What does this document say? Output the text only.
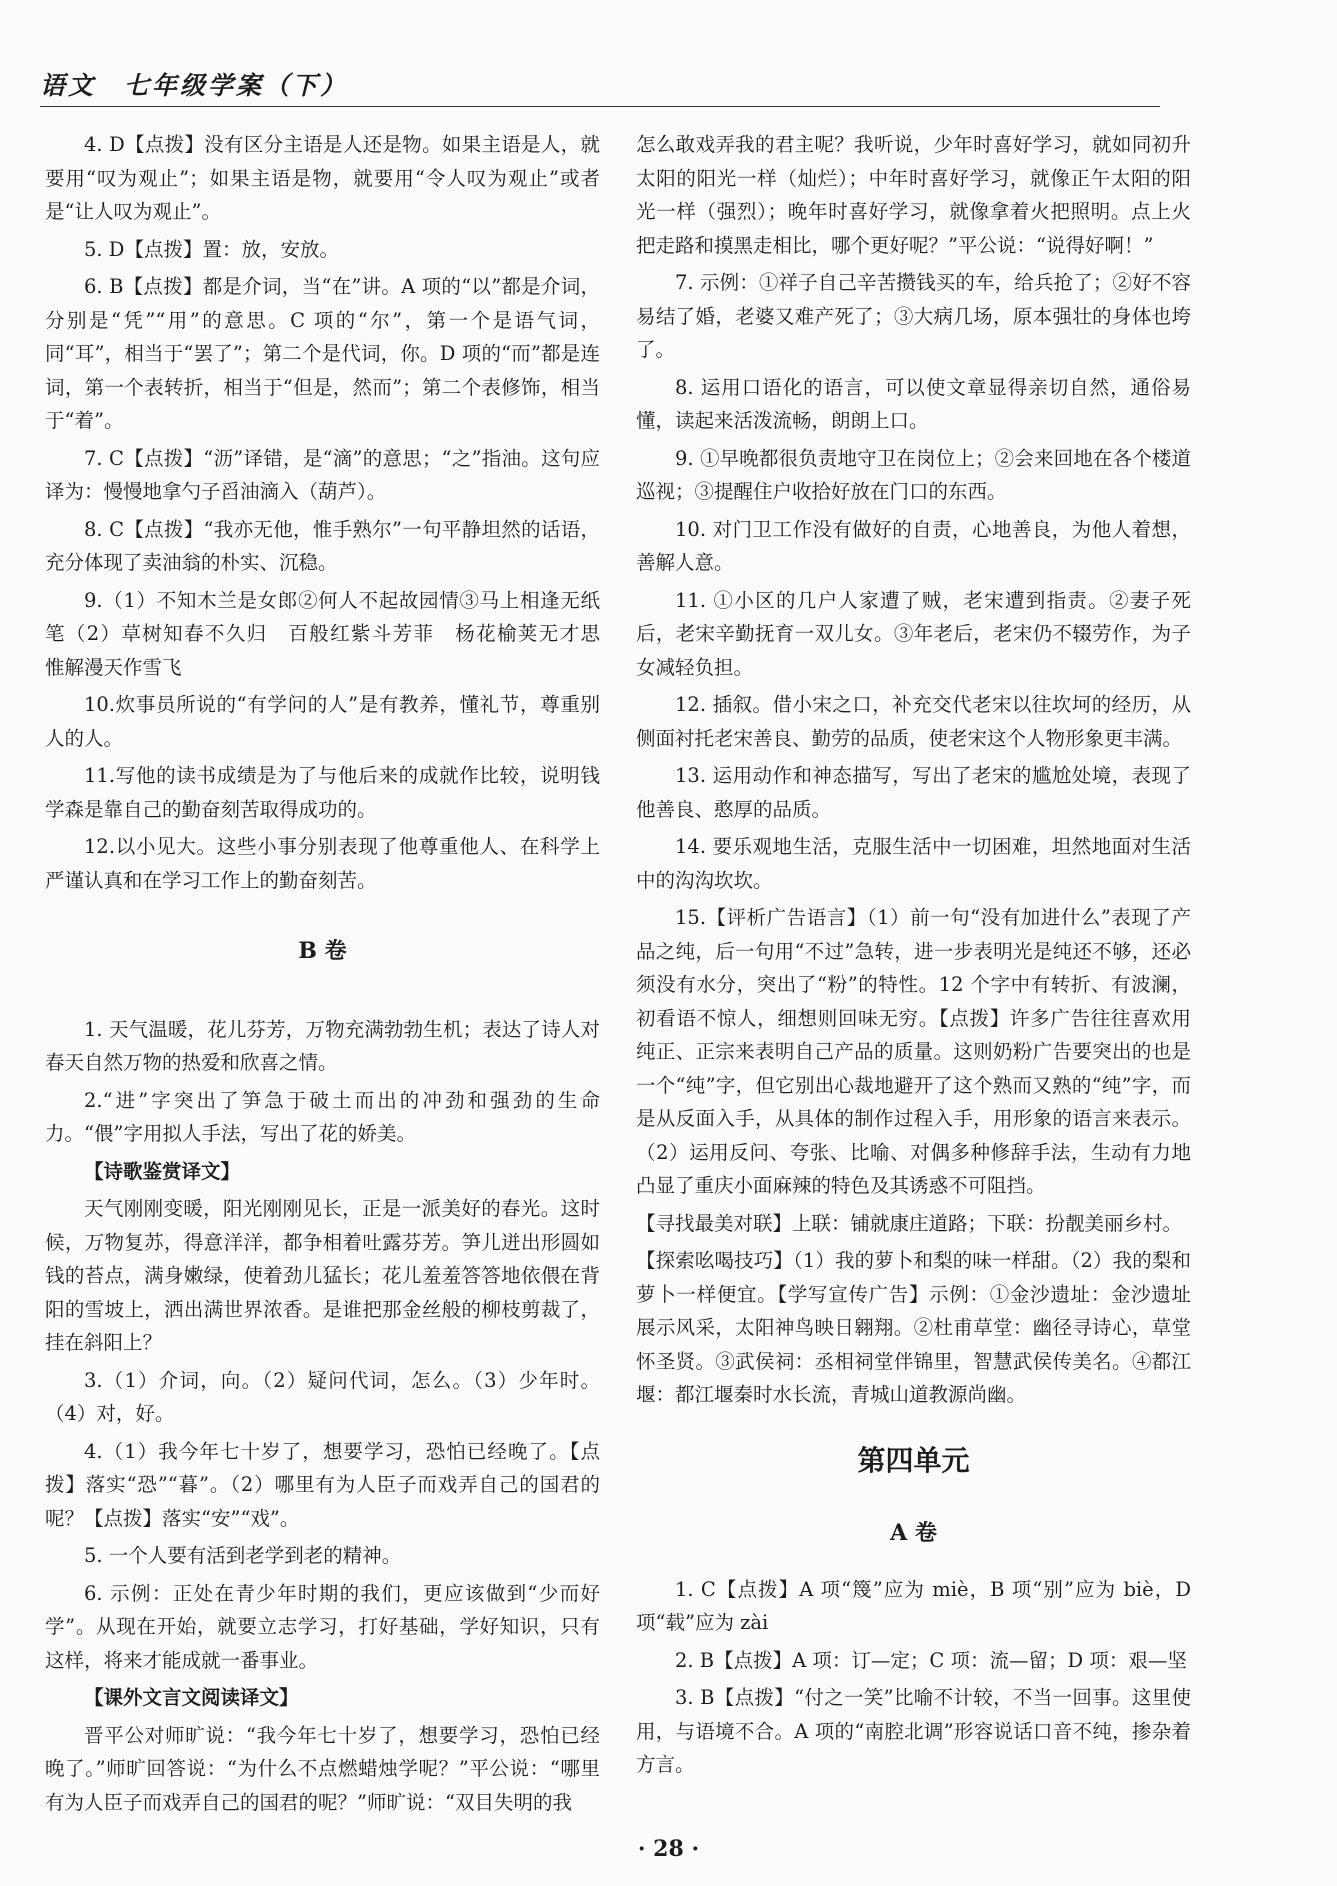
语文　七年级学案（下）

4. D【点拨】没有区分主语是人还是物。如果主语是人，就要用“叹为观止”；如果主语是物，就要用“令人叹为观止”或者是“让人叹为观止”。

5. D【点拨】置：放，安放。

6. B【点拨】都是介词，当“在”讲。A 项的“以”都是介词，分别是“凭”“用”的意思。C 项的“尔”，第一个是语气词，同“耳”，相当于“罢了”；第二个是代词，你。D 项的“而”都是连词，第一个表转折，相当于“但是，然而”；第二个表修饰，相当于“着”。

7. C【点拨】“沥”译错，是“滴”的意思；“之”指油。这句应译为：慢慢地拿勺子舀油滴入（葫芦）。

8. C【点拨】“我亦无他，惟手熟尔”一句平静坦然的话语，充分体现了卖油翁的朴实、沉稳。

9.（1）不知木兰是女郎②何人不起故园情③马上相逢无纸笔（2）草树知春不久归　百般红紫斗芳菲　杨花榆荚无才思　惟解漫天作雪飞

10.炊事员所说的“有学问的人”是有教养，懂礼节，尊重别人的人。

11.写他的读书成绩是为了与他后来的成就作比较，说明钱学森是靠自己的勤奋刻苦取得成功的。

12.以小见大。这些小事分别表现了他尊重他人、在科学上严谨认真和在学习工作上的勤奋刻苦。

B 卷

1. 天气温暖，花儿芬芳，万物充满勃勃生机；表达了诗人对春天自然万物的热爱和欣喜之情。

2.“进”字突出了笋急于破土而出的冲劲和强劲的生命力。“偎”字用拟人手法，写出了花的娇美。

【诗歌鉴赏译文】

天气刚刚变暖，阳光刚刚见长，正是一派美好的春光。这时候，万物复苏，得意洋洋，都争相着吐露芬芳。笋儿迸出形圆如钱的苔点，满身嫩绿，使着劲儿猛长；花儿羞羞答答地依偎在背阳的雪坡上，洒出满世界浓香。是谁把那金丝般的柳枝剪裁了，挂在斜阳上？

3.（1）介词，向。（2）疑问代词，怎么。（3）少年时。（4）对，好。

4.（1）我今年七十岁了，想要学习，恐怕已经晚了。【点拨】落实“恐”“暮”。（2）哪里有为人臣子而戏弄自己的国君的呢？【点拨】落实“安”“戏”。

5. 一个人要有活到老学到老的精神。

6. 示例：正处在青少年时期的我们，更应该做到“少而好学”。从现在开始，就要立志学习，打好基础，学好知识，只有这样，将来才能成就一番事业。

【课外文言文阅读译文】

晋平公对师旷说：“我今年七十岁了，想要学习，恐怕已经晚了。”师旷回答说：“为什么不点燃蜡烛学呢？”平公说：“哪里有为人臣子而戏弄自己的国君的呢？”师旷说：“双目失明的我

怎么敢戏弄我的君主呢？我听说，少年时喜好学习，就如同初升太阳的阳光一样（灿烂）；中年时喜好学习，就像正午太阳的阳光一样（强烈）；晚年时喜好学习，就像拿着火把照明。点上火把走路和摸黑走相比，哪个更好呢？”平公说：“说得好啊！”

7. 示例：①祥子自己辛苦攒钱买的车，给兵抢了；②好不容易结了婚，老婆又难产死了；③大病几场，原本强壮的身体也垮了。

8. 运用口语化的语言，可以使文章显得亲切自然，通俗易懂，读起来活泼流畅，朗朗上口。

9. ①早晚都很负责地守卫在岗位上；②会来回地在各个楼道巡视；③提醒住户收拾好放在门口的东西。

10. 对门卫工作没有做好的自责，心地善良，为他人着想，善解人意。

11. ①小区的几户人家遭了贼，老宋遭到指责。②妻子死后，老宋辛勤抚育一双儿女。③年老后，老宋仍不辍劳作，为子女减轻负担。

12. 插叙。借小宋之口，补充交代老宋以往坎坷的经历，从侧面衬托老宋善良、勤劳的品质，使老宋这个人物形象更丰满。

13. 运用动作和神态描写，写出了老宋的尴尬处境，表现了他善良、憨厚的品质。

14. 要乐观地生活，克服生活中一切困难，坦然地面对生活中的沟沟坎坎。

15.【评析广告语言】（1）前一句“没有加进什么”表现了产品之纯，后一句用“不过”急转，进一步表明光是纯还不够，还必须没有水分，突出了“粉”的特性。12 个字中有转折、有波澜，初看语不惊人，细想则回味无穷。【点拨】许多广告往往喜欢用纯正、正宗来表明自己产品的质量。这则奶粉广告要突出的也是一个“纯”字，但它别出心裁地避开了这个熟而又熟的“纯”字，而是从反面入手，从具体的制作过程入手，用形象的语言来表示。（2）运用反问、夸张、比喻、对偶多种修辞手法，生动有力地凸显了重庆小面麻辣的特色及其诱惑不可阻挡。

【寻找最美对联】上联：铺就康庄道路；下联：扮靓美丽乡村。

【探索吆喝技巧】（1）我的萝卜和梨的味一样甜。（2）我的梨和萝卜一样便宜。【学写宣传广告】示例：①金沙遗址：金沙遗址展示风采，太阳神鸟映日翱翔。②杜甫草堂：幽径寻诗心，草堂怀圣贤。③武侯祠：丞相祠堂伴锦里，智慧武侯传美名。④都江堰：都江堰秦时水长流，青城山道教源尚幽。

第四单元
A 卷

1. C【点拨】A 项“篾”应为 miè，B 项“别”应为 biè，D 项“载”应为 zài

2. B【点拨】A 项：订—定；C 项：流—留；D 项：艰—坚

3. B【点拨】“付之一笑”比喻不计较，不当一回事。这里使用，与语境不合。A 项的“南腔北调”形容说话口音不纯，掺杂着方言。

· 28 ·
